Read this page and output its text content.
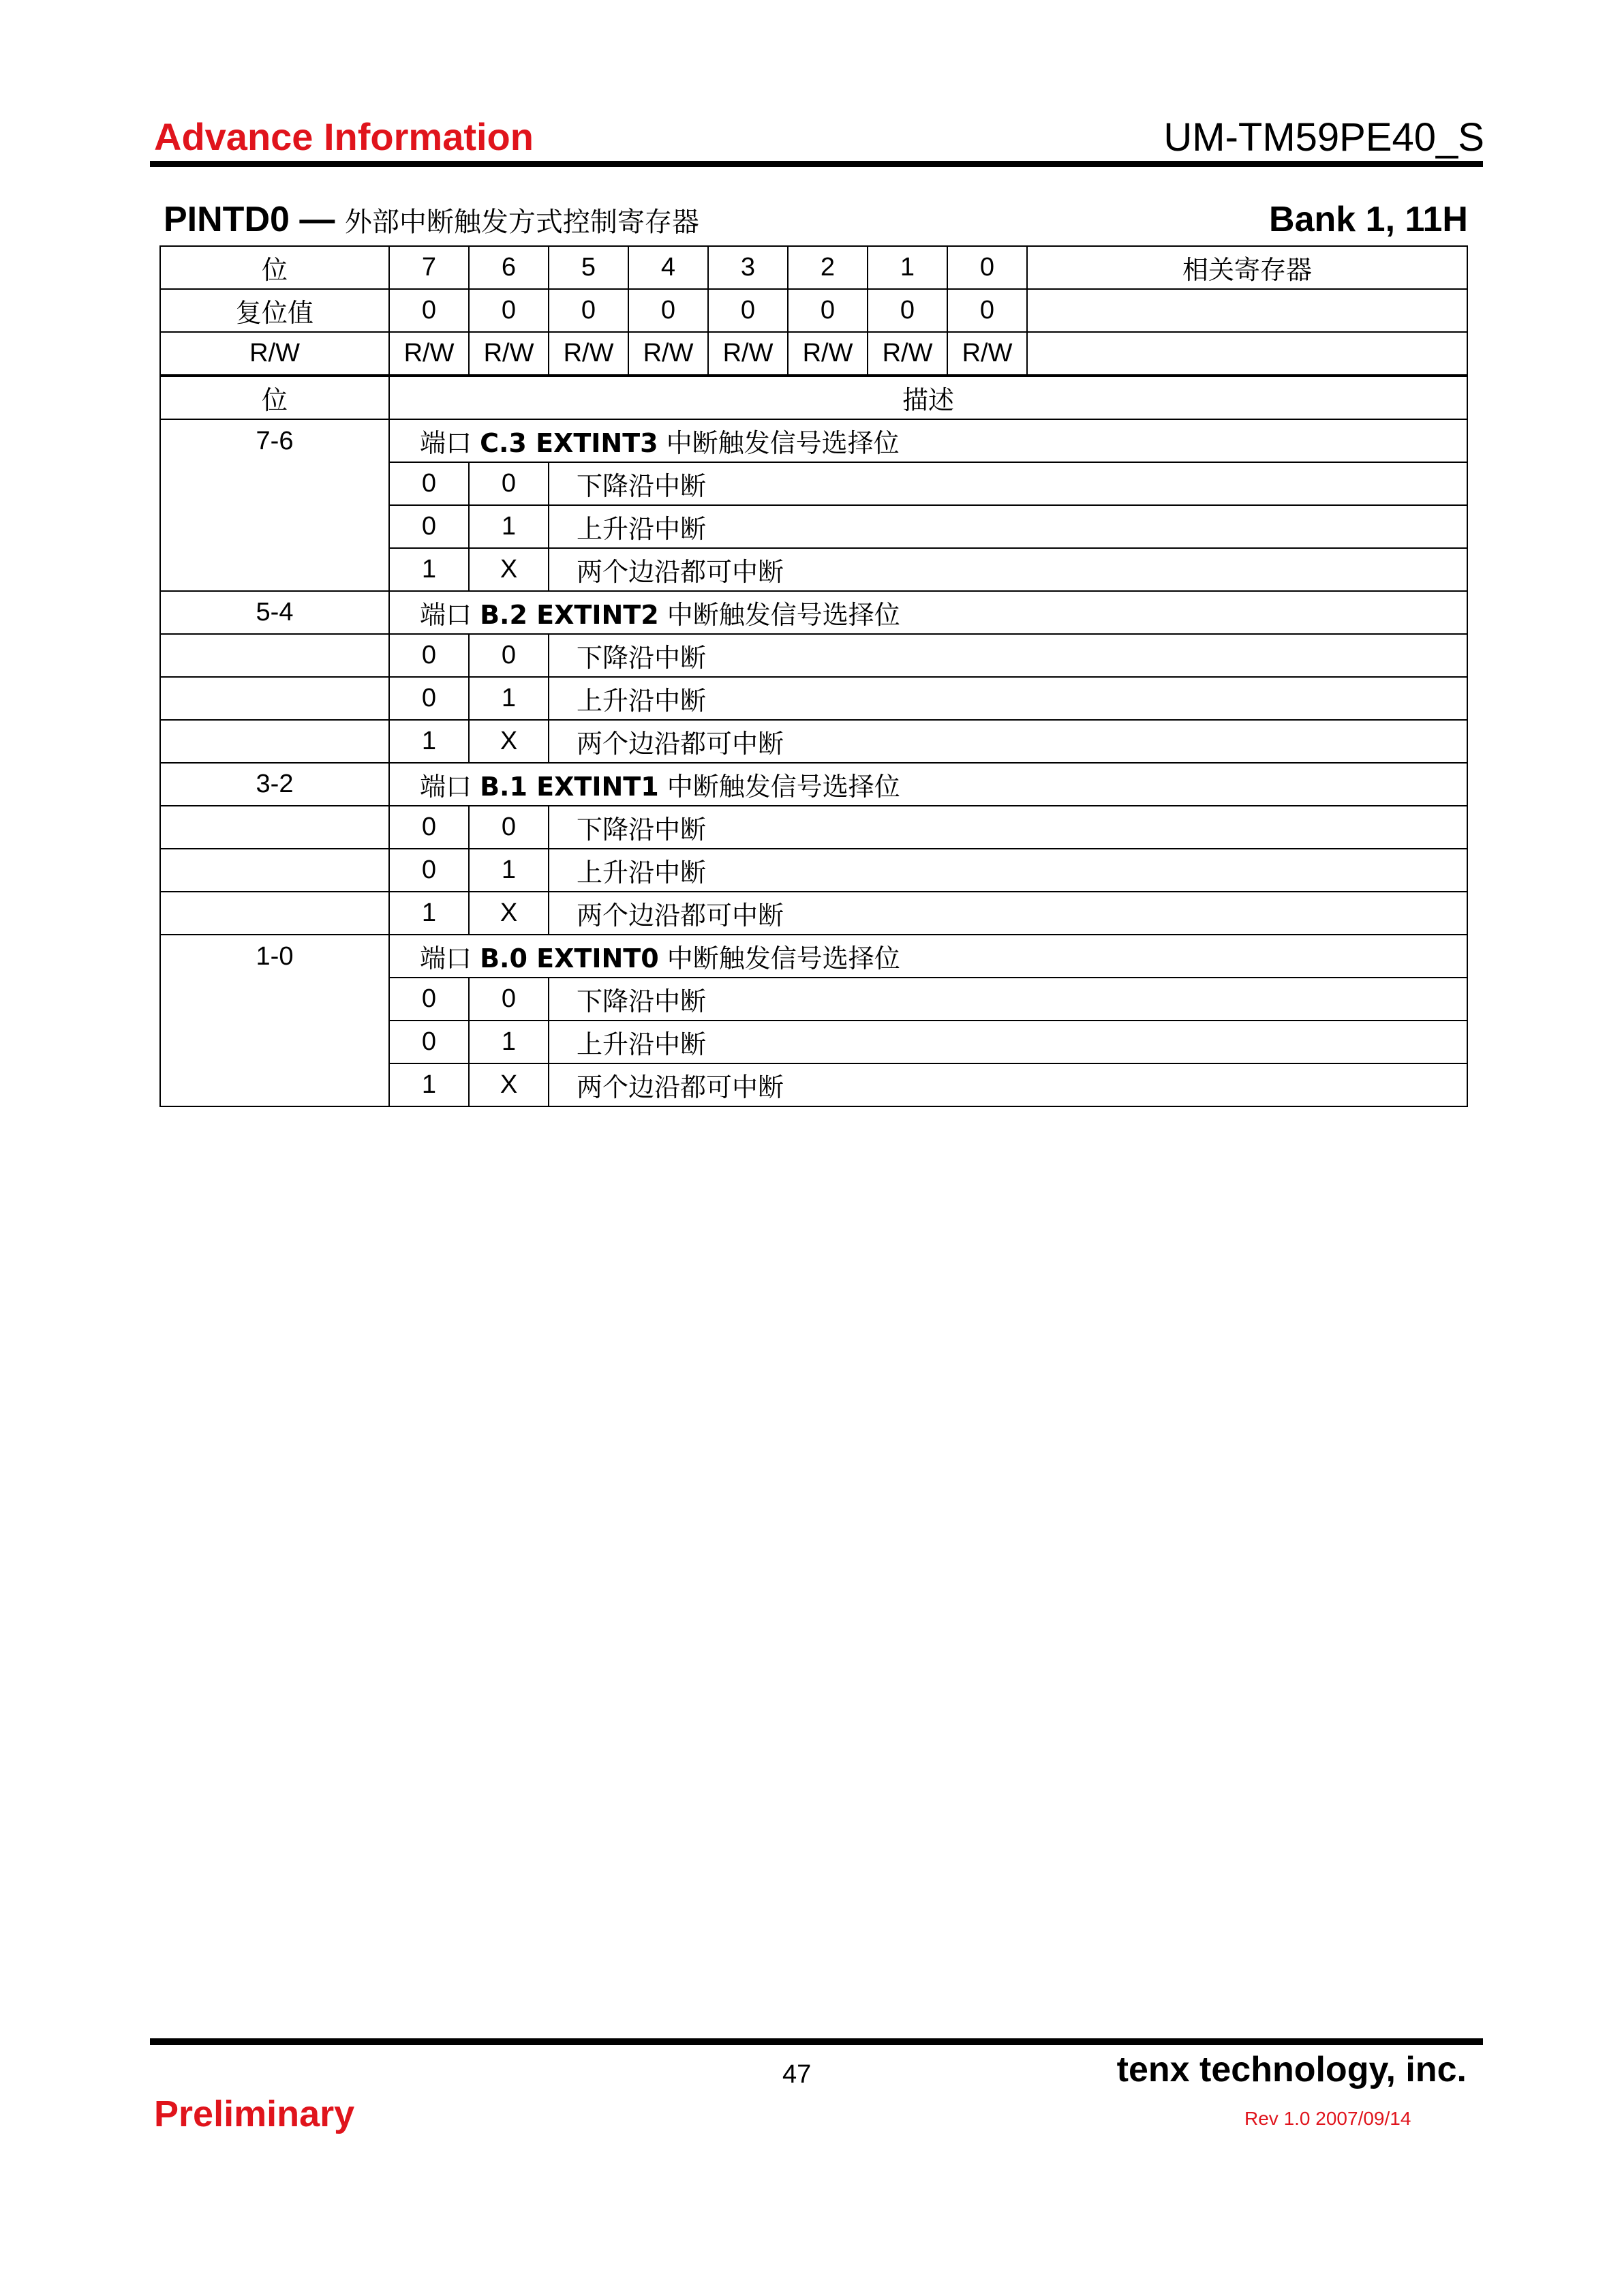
Advance Information	UM-TM59PE40_S
PINTD0 — 外部中断触发方式控制寄存器	Bank 1, 11H
位	7	6	5	4	3	2	1	0	相关寄存器
复位值	0	0	0	0	0	0	0	0	
R/W	R/W	R/W	R/W	R/W	R/W	R/W	R/W	R/W	
位	描述								
7-6	端口 C.3 EXTINT3 中断触发信号选择位								
	0	0	下降沿中断						
	0	1	上升沿中断						
	1	X	两个边沿都可中断						
5-4	端口 B.2 EXTINT2 中断触发信号选择位								
	0	0	下降沿中断						
	0	1	上升沿中断						
	1	X	两个边沿都可中断						
3-2	端口 B.1 EXTINT1 中断触发信号选择位								
	0	0	下降沿中断						
	0	1	上升沿中断						
	1	X	两个边沿都可中断						
1-0	端口 B.0 EXTINT0 中断触发信号选择位								
	0	0	下降沿中断						
	0	1	上升沿中断						
	1	X	两个边沿都可中断						
47	tenx technology, inc.
Preliminary	Rev 1.0 2007/09/14
